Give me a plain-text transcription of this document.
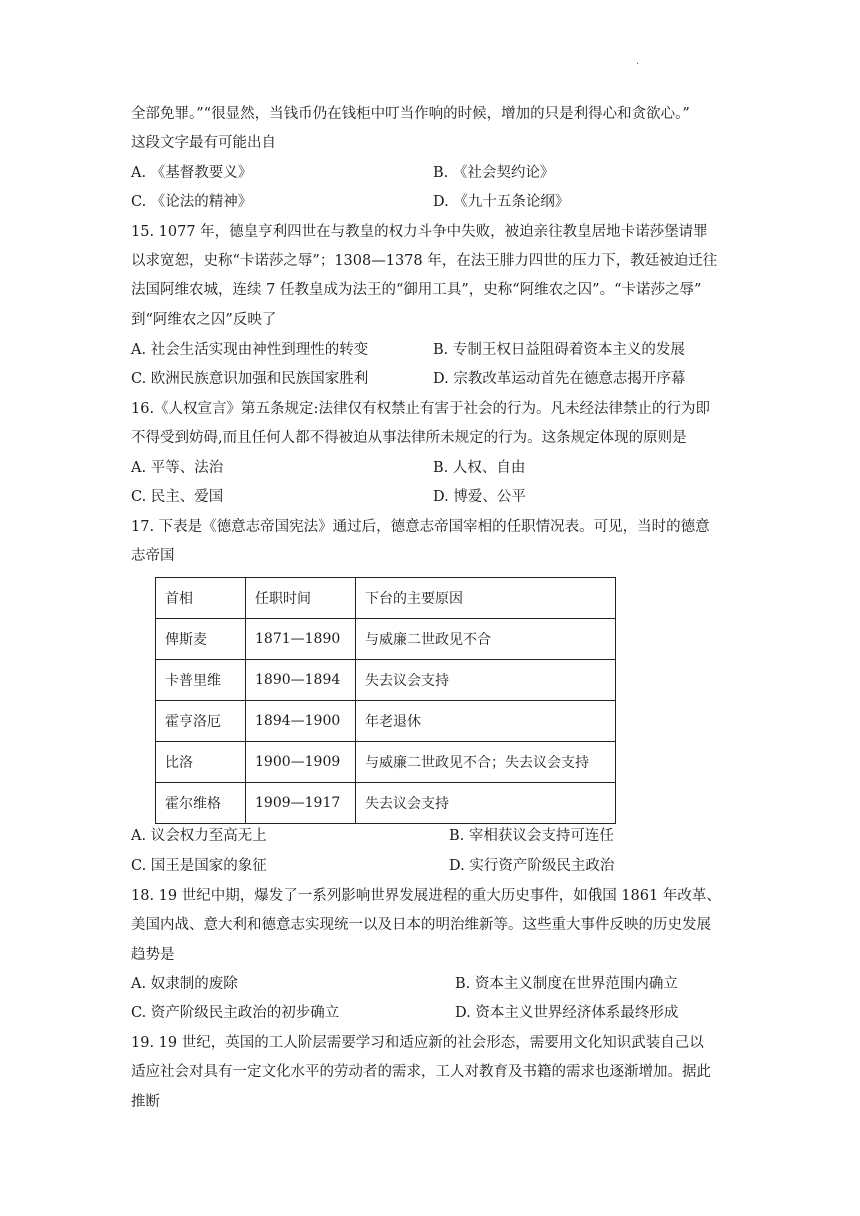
.
全部免罪。”“很显然，当钱币仍在钱柜中叮当作响的时候，增加的只是利得心和贪欲心。”
这段文字最有可能出自
A. 《基督教要义》	B. 《社会契约论》
C. 《论法的精神》	D. 《九十五条论纲》
15. 1077 年，德皇亨利四世在与教皇的权力斗争中失败，被迫亲往教皇居地卡诺莎堡请罪
以求宽恕，史称“卡诺莎之辱”；1308—1378 年，在法王腓力四世的压力下，教廷被迫迁往
法国阿维农城，连续 7 任教皇成为法王的“御用工具”，史称“阿维农之囚”。“卡诺莎之辱”
到“阿维农之囚”反映了
A. 社会生活实现由神性到理性的转变	B. 专制王权日益阻碍着资本主义的发展
C. 欧洲民族意识加强和民族国家胜利	D. 宗教改革运动首先在德意志揭开序幕
16.《人权宣言》第五条规定:法律仅有权禁止有害于社会的行为。凡未经法律禁止的行为即
不得受到妨碍,而且任何人都不得被迫从事法律所未规定的行为。这条规定体现的原则是
A. 平等、法治	B. 人权、自由
C. 民主、爱国	D. 博爱、公平
17. 下表是《德意志帝国宪法》通过后，德意志帝国宰相的任职情况表。可见，当时的德意
志帝国
首相	任职时间	下台的主要原因
俾斯麦	1871—1890	与威廉二世政见不合
卡普里维	1890—1894	失去议会支持
霍亨洛厄	1894—1900	年老退休
比洛	1900—1909	与威廉二世政见不合；失去议会支持
霍尔维格	1909—1917	失去议会支持
A. 议会权力至高无上	B. 宰相获议会支持可连任
C. 国王是国家的象征	D. 实行资产阶级民主政治
18. 19 世纪中期，爆发了一系列影响世界发展进程的重大历史事件，如俄国 1861 年改革、
美国内战、意大利和德意志实现统一以及日本的明治维新等。这些重大事件反映的历史发展
趋势是
A. 奴隶制的废除	B. 资本主义制度在世界范围内确立
C. 资产阶级民主政治的初步确立	D. 资本主义世界经济体系最终形成
19. 19 世纪，英国的工人阶层需要学习和适应新的社会形态，需要用文化知识武装自己以
适应社会对具有一定文化水平的劳动者的需求，工人对教育及书籍的需求也逐渐增加。据此
推断
